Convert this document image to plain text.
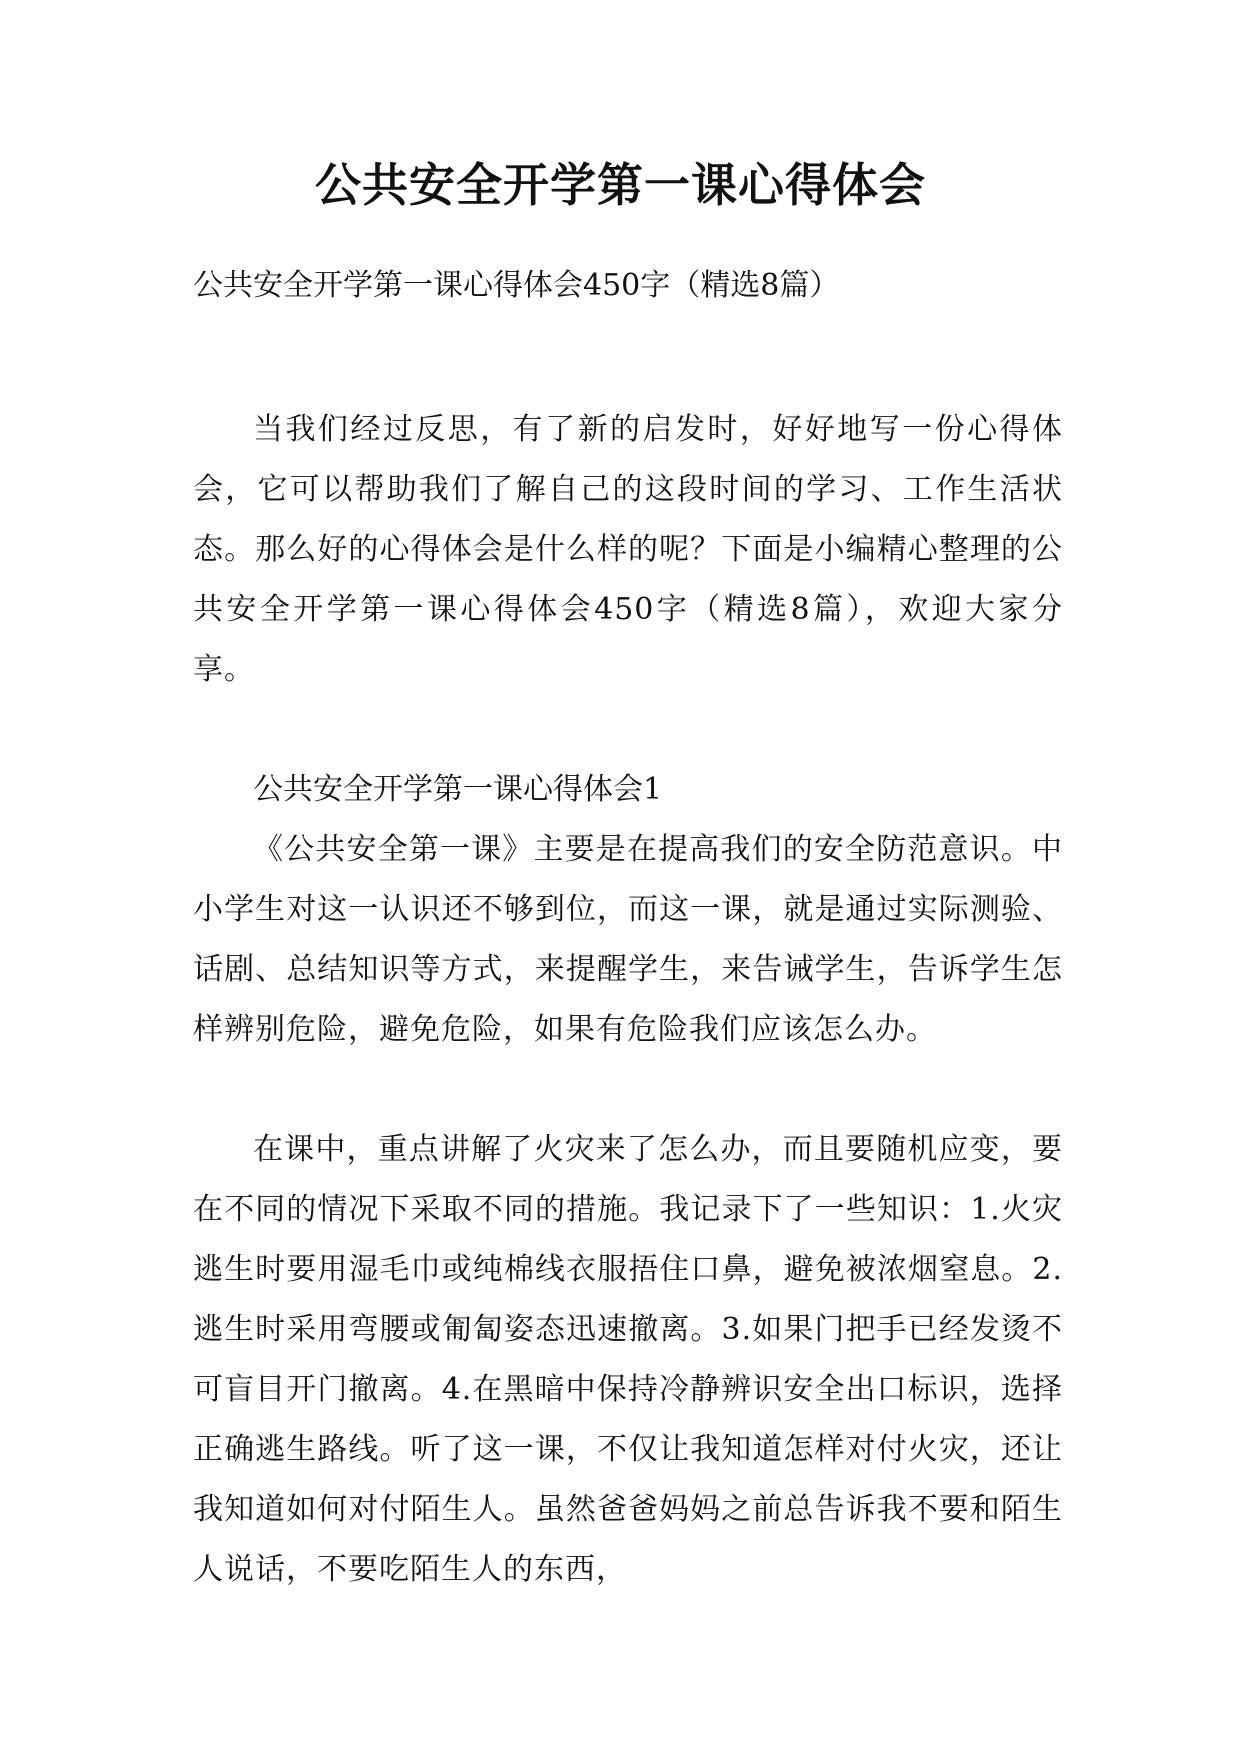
公共安全开学第一课心得体会

公共安全开学第一课心得体会450字（精选8篇）

当我们经过反思，有了新的启发时，好好地写一份心得体会，它可以帮助我们了解自己的这段时间的学习、工作生活状态。那么好的心得体会是什么样的呢？下面是小编精心整理的公共安全开学第一课心得体会450字（精选8篇），欢迎大家分享。

公共安全开学第一课心得体会1

《公共安全第一课》主要是在提高我们的安全防范意识。中小学生对这一认识还不够到位，而这一课，就是通过实际测验、话剧、总结知识等方式，来提醒学生，来告诫学生，告诉学生怎样辨别危险，避免危险，如果有危险我们应该怎么办。

在课中，重点讲解了火灾来了怎么办，而且要随机应变，要在不同的情况下采取不同的措施。我记录下了一些知识：1.火灾逃生时要用湿毛巾或纯棉线衣服捂住口鼻，避免被浓烟窒息。2.逃生时采用弯腰或匍匐姿态迅速撤离。3.如果门把手已经发烫不可盲目开门撤离。4.在黑暗中保持冷静辨识安全出口标识，选择正确逃生路线。听了这一课，不仅让我知道怎样对付火灾，还让我知道如何对付陌生人。虽然爸爸妈妈之前总告诉我不要和陌生人说话，不要吃陌生人的东西，
